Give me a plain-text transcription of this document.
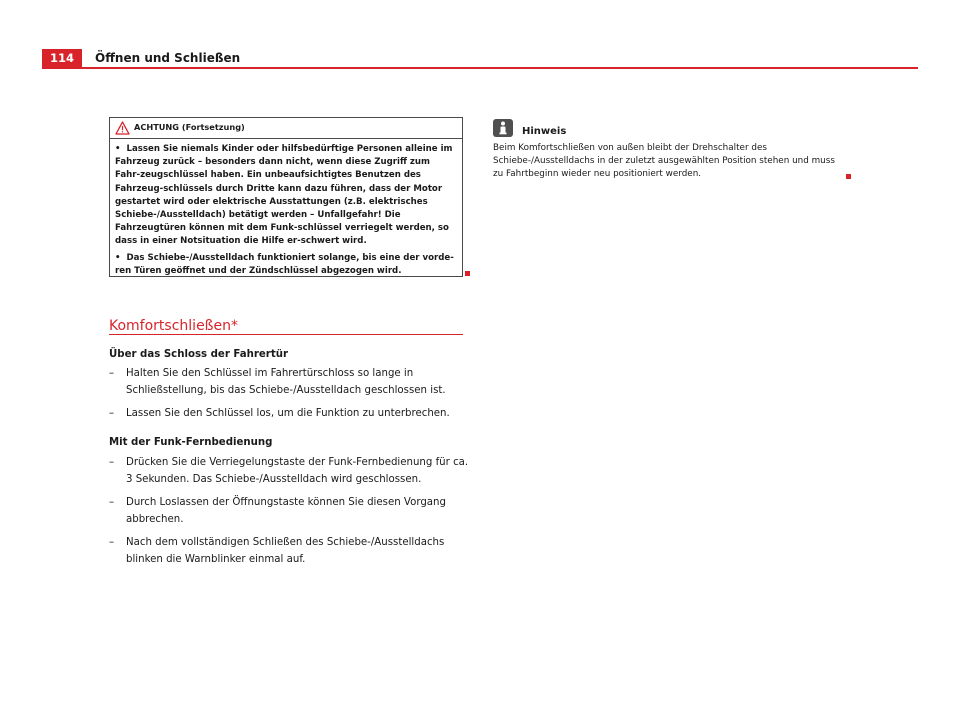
114	Öffnen und Schließen
ACHTUNG (Fortsetzung)

• Lassen Sie niemals Kinder oder hilfsbedürftige Personen alleine im Fahrzeug zurück – besonders dann nicht, wenn diese Zugriff zum Fahr-zeugschlüssel haben. Ein unbeaufsichtigtes Benutzen des Fahrzeug-schlüssels durch Dritte kann dazu führen, dass der Motor gestartet wird oder elektrische Ausstattungen (z.B. elektrisches Schiebe-/Ausstelldach) betätigt werden – Unfallgefahr! Die Fahrzeugtüren können mit dem Funk-schlüssel verriegelt werden, so dass in einer Notsituation die Hilfe er-schwert wird.

• Das Schiebe-/Ausstelldach funktioniert solange, bis eine der vorde-ren Türen geöffnet und der Zündschlüssel abgezogen wird.

Komfortschließen*
Über das Schloss der Fahrertür
– Halten Sie den Schlüssel im Fahrertürschloss so lange in Schließstellung, bis das Schiebe-/Ausstelldach geschlossen ist.
– Lassen Sie den Schlüssel los, um die Funktion zu unterbrechen.
Mit der Funk-Fernbedienung
– Drücken Sie die Verriegelungstaste der Funk-Fernbedienung für ca. 3 Sekunden. Das Schiebe-/Ausstelldach wird geschlossen.
– Durch Loslassen der Öffnungstaste können Sie diesen Vorgang abbrechen.
– Nach dem vollständigen Schließen des Schiebe-/Ausstelldachs blinken die Warnblinker einmal auf.
Hinweis
Beim Komfortschließen von außen bleibt der Drehschalter des Schiebe-/Ausstelldachs in der zuletzt ausgewählten Position stehen und muss zu Fahrtbeginn wieder neu positioniert werden.
